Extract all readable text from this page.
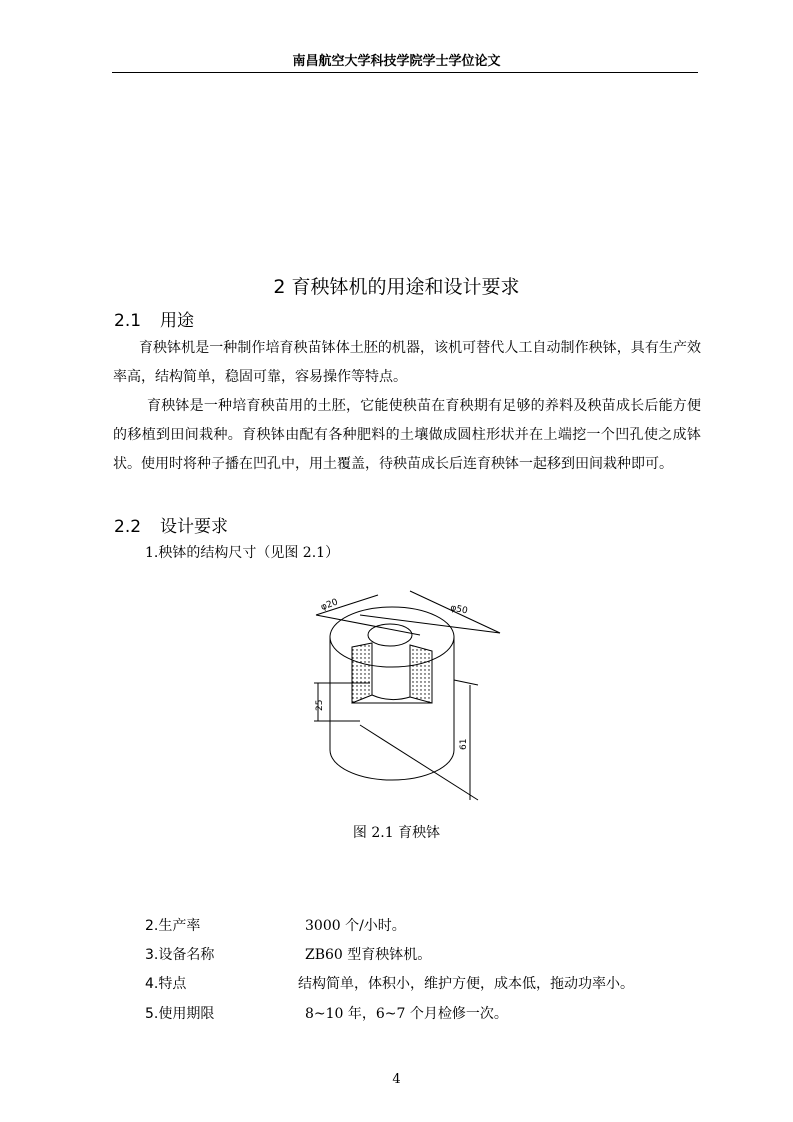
南昌航空大学科技学院学士学位论文
2 育秧钵机的用途和设计要求
2.1 用途

育秧钵机是一种制作培育秧苗钵体土胚的机器，该机可替代人工自动制作秧钵，具有生产效率高，结构简单，稳固可靠，容易操作等特点。

育秧钵是一种培育秧苗用的土胚，它能使秧苗在育秧期有足够的养料及秧苗成长后能方便的移植到田间栽种。育秧钵由配有各种肥料的土壤做成圆柱形状并在上端挖一个凹孔使之成钵状。使用时将种子播在凹孔中，用土覆盖，待秧苗成长后连育秧钵一起移到田间栽种即可。

2.2 设计要求
1.秧钵的结构尺寸（见图 2.1）
φ20	φ50
25
61
图 2.1 育秧钵
2.生产率	3000 个/小时。
3.设备名称	ZB60 型育秧钵机。
4.特点	结构简单，体积小，维护方便，成本低，拖动功率小。
5.使用期限	8~10 年，6~7 个月检修一次。
4
